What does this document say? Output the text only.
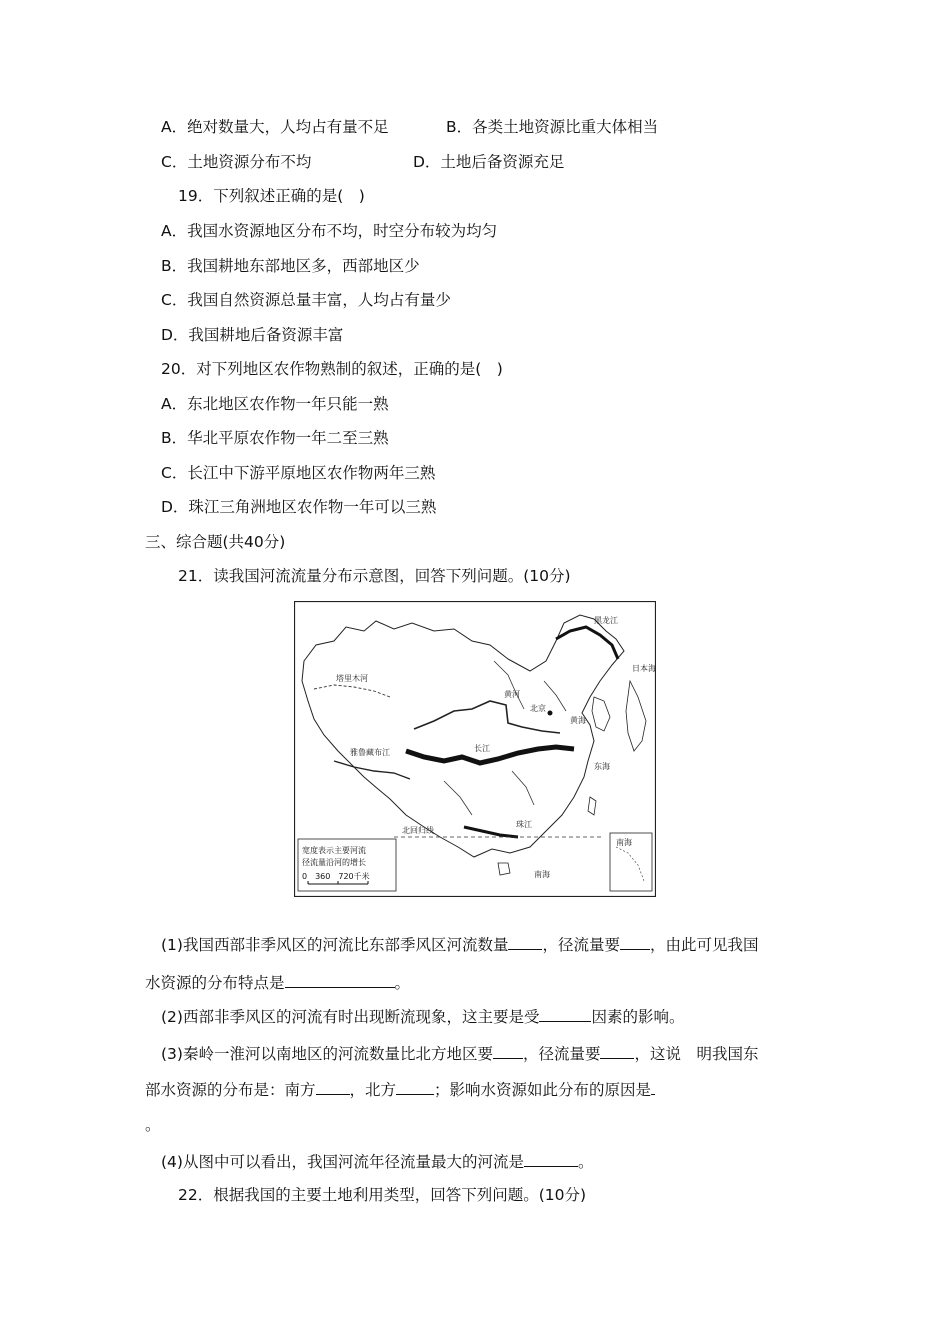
A．绝对数量大，人均占有量不足	B．各类土地资源比重大体相当
C．土地资源分布不均	D．土地后备资源充足
19．下列叙述正确的是(　)
A．我国水资源地区分布不均，时空分布较为均匀
B．我国耕地东部地区多，西部地区少
C．我国自然资源总量丰富，人均占有量少
D．我国耕地后备资源丰富
20．对下列地区农作物熟制的叙述，正确的是(　)
A．东北地区农作物一年只能一熟
B．华北平原农作物一年二至三熟
C．长江中下游平原地区农作物两年三熟
D．珠江三角洲地区农作物一年可以三熟
三、综合题(共40分)
21．读我国河流流量分布示意图，回答下列问题。(10分)
黑龙江
塔里木河
北京
黄河
黄海
东海
日本海
长江
雅鲁藏布江
珠江
北回归线
南海
南海
宽度表示主要河流
径流量沿河的增长
0　360　720千米
(1)我国西部非季风区的河流比东部季风区河流数量 ，径流量要 ，由此可见我国
水资源的分布特点是	。
(2)西部非季风区的河流有时出现断流现象，这主要是受	因素的影响。
(3)秦岭一淮河以南地区的河流数量比北方地区要 ，径流量要 ，这说　明我国东
部水资源的分布是：南方 ，北方 ；影响水资源如此分布的原因是
。
(4)从图中可以看出，我国河流年径流量最大的河流是	。
22．根据我国的主要土地利用类型，回答下列问题。(10分)
